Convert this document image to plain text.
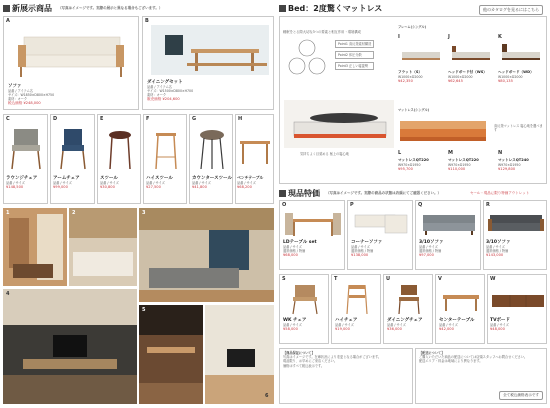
新展示商品 （写真はイメージです。実際の展示と異なる場合もございます。）
A
ソファ
品番 / アイテム名
サイズ：W1850×D800×H750
素材：オーク
税込価格 ¥248,000
B
ダイニングセット
品番 / アイテム名
サイズ：W1500×D800×H700
素材：オーク
販売価格 ¥204,600
C
ラウンジチェア
品番 / サイズ
¥148,500
D
アームチェア
品番 / サイズ
¥99,000
E
スツール
品番 / サイズ
¥30,800
F
ハイスツール
品番 / サイズ
¥27,500
G
カウンタースツール
品番 / サイズ
¥41,800
H
ベンチテーブル
品番 / サイズ
¥68,200
1	2	3
4
5
6
Bed：2度驚くマットレス	他のカタログを見るにはこちら
睡眠をとる際大切な3つの要素と相互作用・環境構成
Point1 高反発素材構造
Point2 体圧分散
Point3 正しい寝姿勢
気持ちよく目覚める 極上の寝心地
フレーム(シングル)
I
フラット（S）
W1000×D2000
¥42,350
J
ヘッドボード付（WS）
W1000×D2000
¥62,645
K
ヘッドボード（WD）
W1000×D2000
¥80,135
マットレス(シングル)
高反発マットレス 寝心地を選べます
L
マットレスQT220
W970×D1950
¥95,700
M
マットレスQT220
W970×D1950
¥110,000
N
マットレスQT240
W970×D1950
¥129,800
現品特価 （写真はイメージです。実際の商品の状態は店頭にてご確認ください。）	セール・現品に限り特価アウトレット
O
LDテーブル set
品番 / サイズ
通常価格 / 特価
¥68,000
P
コーナーソファ
品番 / サイズ
通常価格 / 特価
¥138,000
Q
3/10ソファ
品番 / サイズ
通常価格 / 特価
¥97,000
R
3/10ソファ
品番 / サイズ
通常価格 / 特価
¥143,000
S
WK チェア
品番 / サイズ
¥58,000
T
ハイチェア
品番 / サイズ
¥19,000
U
ダイニングチェア
品番 / サイズ
¥36,000
V
センターテーブル
品番 / サイズ
¥42,000
W
TVボード
品番 / サイズ
¥48,000
【商品保証について】
写真はイメージです。在庫状況により変更となる場合がございます。
現品限り、お早めにご来店ください。
価格はすべて税込表示です。
【配送について】
ご購入いただいた商品の配送については店頭スタッフへお問合せください。
配送エリア・料金は地域により異なります。
全て税込価格表示です
